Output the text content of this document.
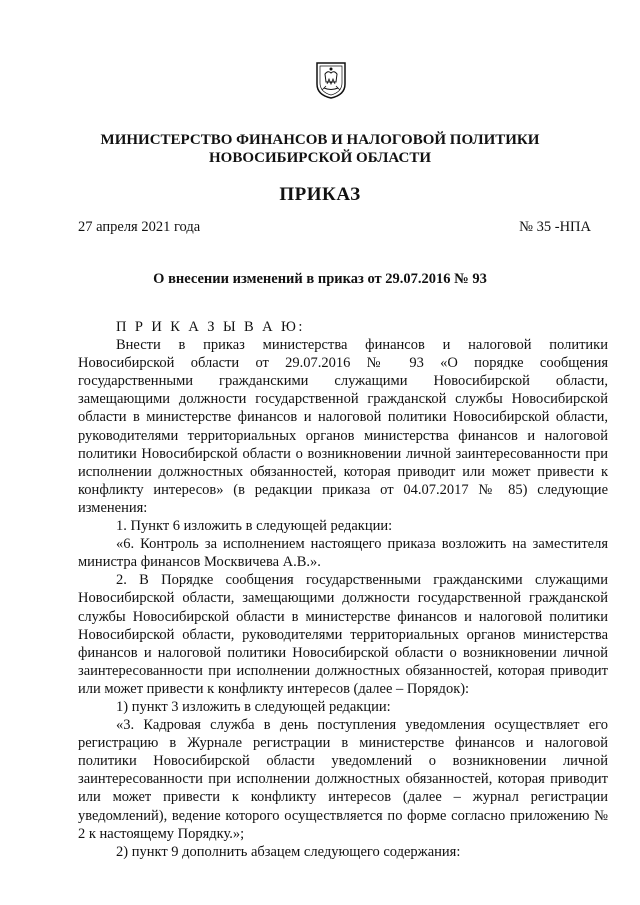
МИНИСТЕРСТВО ФИНАНСОВ И НАЛОГОВОЙ ПОЛИТИКИ
НОВОСИБИРСКОЙ ОБЛАСТИ
ПРИКАЗ
27 апреля 2021 года	№ 35 -НПА
О внесении изменений в приказ от 29.07.2016 № 93

П Р И К А З Ы В А Ю:

Внести в приказ министерства финансов и налоговой политики Новосибирской области от 29.07.2016 № 93 «О порядке сообщения государственными гражданскими служащими Новосибирской области, замещающими должности государственной гражданской службы Новосибирской области в министерстве финансов и налоговой политики Новосибирской области, руководителями территориальных органов министерства финансов и налоговой политики Новосибирской области о возникновении личной заинтересованности при исполнении должностных обязанностей, которая приводит или может привести к конфликту интересов» (в редакции приказа от 04.07.2017 № 85) следующие изменения:

1. Пункт 6 изложить в следующей редакции:

«6. Контроль за исполнением настоящего приказа возложить на заместителя министра финансов Москвичева А.В.».

2. В Порядке сообщения государственными гражданскими служащими Новосибирской области, замещающими должности государственной гражданской службы Новосибирской области в министерстве финансов и налоговой политики Новосибирской области, руководителями территориальных органов министерства финансов и налоговой политики Новосибирской области о возникновении личной заинтересованности при исполнении должностных обязанностей, которая приводит или может привести к конфликту интересов (далее – Порядок):

1) пункт 3 изложить в следующей редакции:

«3. Кадровая служба в день поступления уведомления осуществляет его регистрацию в Журнале регистрации в министерстве финансов и налоговой политики Новосибирской области уведомлений о возникновении личной заинтересованности при исполнении должностных обязанностей, которая приводит или может привести к конфликту интересов (далее – журнал регистрации уведомлений), ведение которого осуществляется по форме согласно приложению № 2 к настоящему Порядку.»;

2) пункт 9 дополнить абзацем следующего содержания:
